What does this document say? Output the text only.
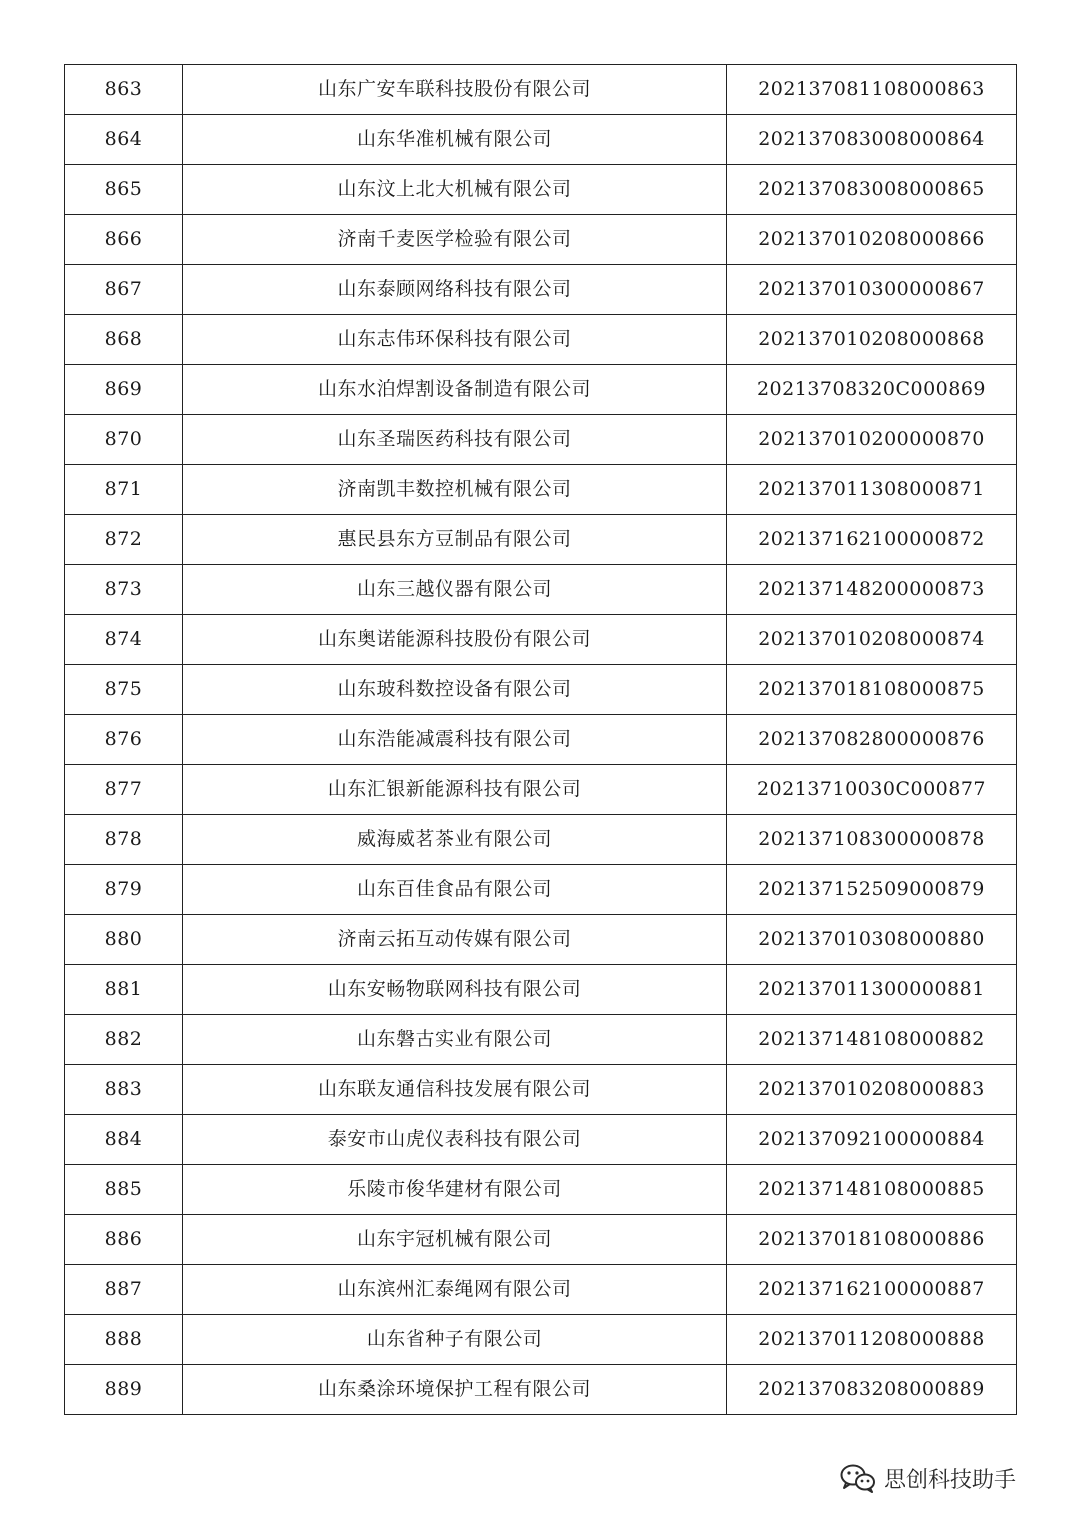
863	山东广安车联科技股份有限公司	202137081108000863
864	山东华准机械有限公司	202137083008000864
865	山东汶上北大机械有限公司	202137083008000865
866	济南千麦医学检验有限公司	202137010208000866
867	山东泰顾网络科技有限公司	202137010300000867
868	山东志伟环保科技有限公司	202137010208000868
869	山东水泊焊割设备制造有限公司	20213708320C000869
870	山东圣瑞医药科技有限公司	202137010200000870
871	济南凯丰数控机械有限公司	202137011308000871
872	惠民县东方豆制品有限公司	202137162100000872
873	山东三越仪器有限公司	202137148200000873
874	山东奥诺能源科技股份有限公司	202137010208000874
875	山东玻科数控设备有限公司	202137018108000875
876	山东浩能减震科技有限公司	202137082800000876
877	山东汇银新能源科技有限公司	20213710030C000877
878	威海威茗茶业有限公司	202137108300000878
879	山东百佳食品有限公司	202137152509000879
880	济南云拓互动传媒有限公司	202137010308000880
881	山东安畅物联网科技有限公司	202137011300000881
882	山东磐古实业有限公司	202137148108000882
883	山东联友通信科技发展有限公司	202137010208000883
884	泰安市山虎仪表科技有限公司	202137092100000884
885	乐陵市俊华建材有限公司	202137148108000885
886	山东宇冠机械有限公司	202137018108000886
887	山东滨州汇泰绳网有限公司	202137162100000887
888	山东省种子有限公司	202137011208000888
889	山东桑涂环境保护工程有限公司	202137083208000889
思创科技助手
